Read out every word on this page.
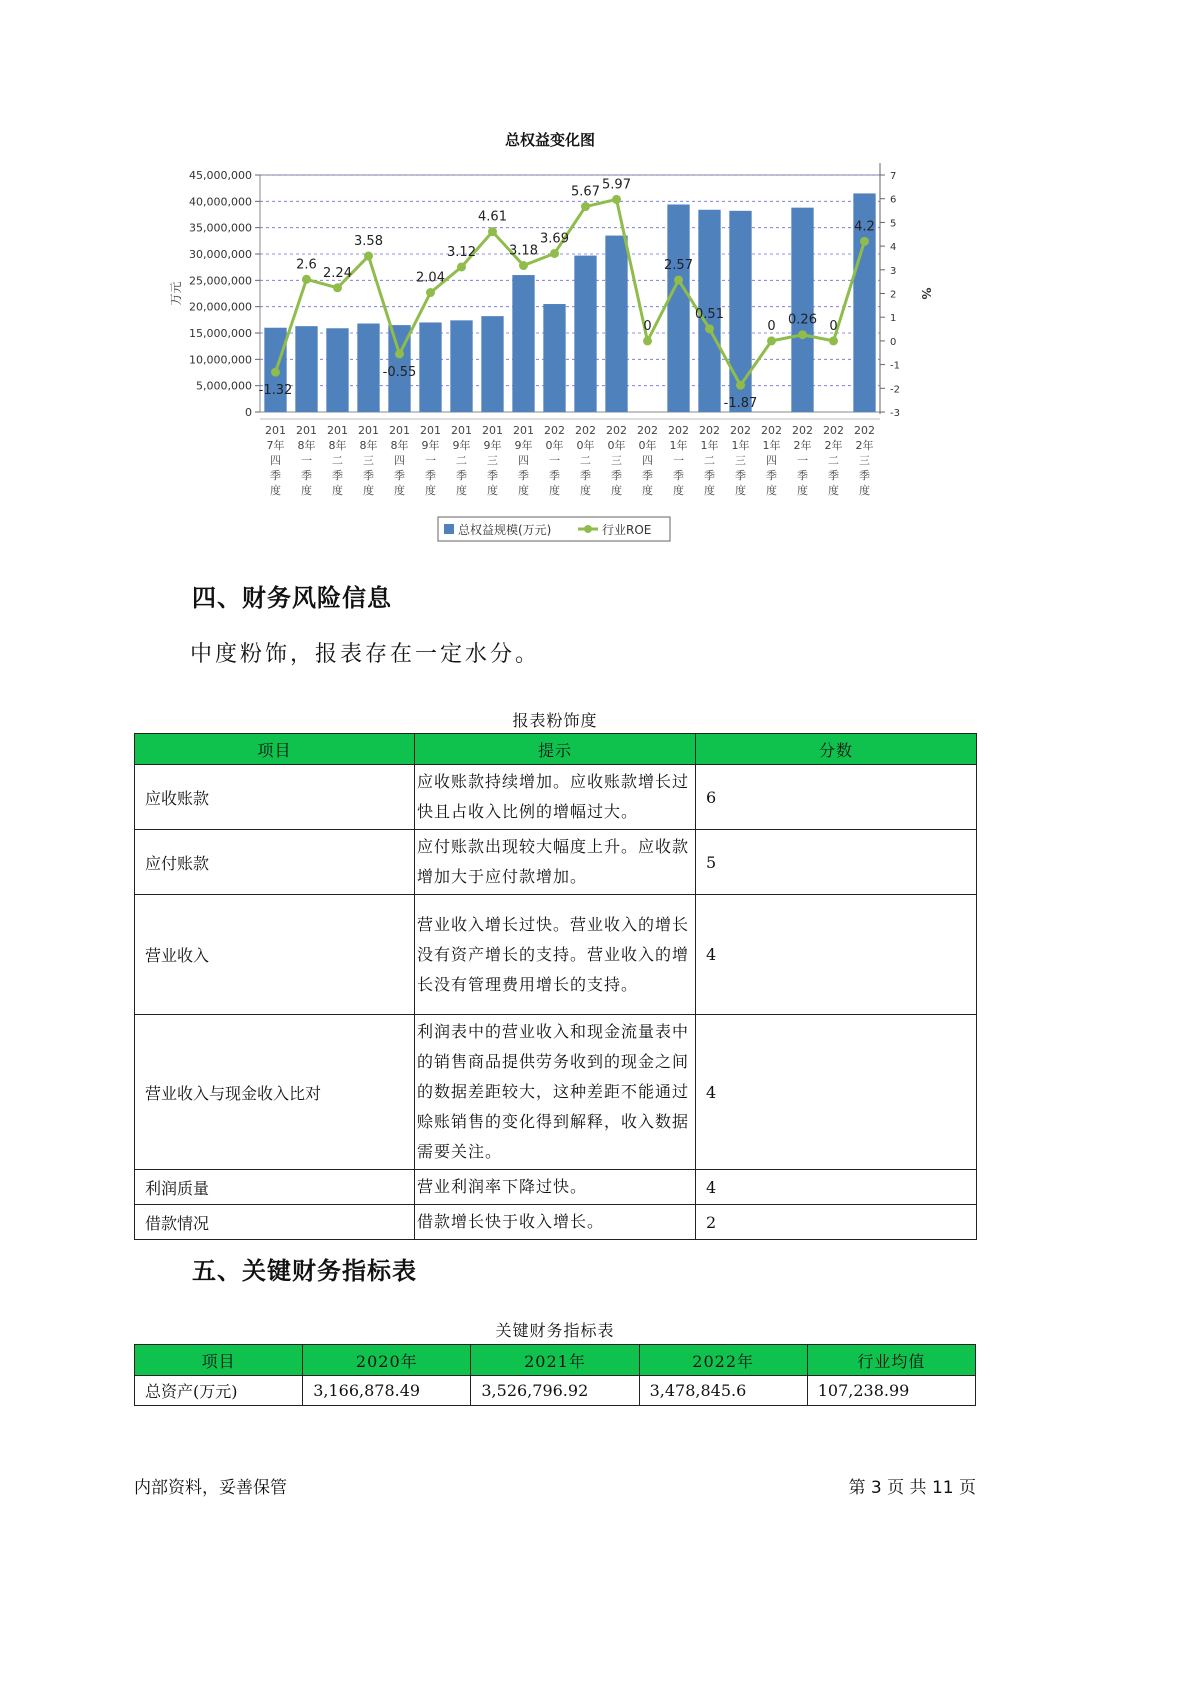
总权益变化图
0
5,000,000
10,000,000
15,000,000
20,000,000
25,000,000
30,000,000
35,000,000
40,000,000
45,000,000
-3
-2
-1
0
1
2
3
4
5
6
7
万元	%
201 7年四季度
201 8年一季度
201 8年二季度
201 8年三季度
201 8年四季度
201 9年一季度
201 9年二季度
201 9年三季度
201 9年四季度
202 0年一季度
202 0年二季度
202 0年三季度
202 0年四季度
202 1年一季度
202 1年二季度
202 1年三季度
202 1年四季度
202 2年一季度
202 2年二季度
202 2年三季度
-1.32
2.6
2.24
3.58
-0.55
2.04
3.12
4.61
3.18
3.69
5.67 5.97
0
2.57
0.51
-1.87
0 0.26 0
4.2
总权益规模(万元)	行业ROE
四、财务风险信息
中度粉饰，报表存在一定水分。
报表粉饰度
项目	提示	分数
应收账款	应收账款持续增加。应收账款增长过快且占收入比例的增幅过大。	6
应付账款	应付账款出现较大幅度上升。应收款增加大于应付款增加。	5
营业收入	营业收入增长过快。营业收入的增长没有资产增长的支持。营业收入的增长没有管理费用增长的支持。	4
营业收入与现金收入比对	利润表中的营业收入和现金流量表中的销售商品提供劳务收到的现金之间的数据差距较大，这种差距不能通过赊账销售的变化得到解释，收入数据需要关注。	4
利润质量	营业利润率下降过快。	4
借款情况	借款增长快于收入增长。	2
五、关键财务指标表
关键财务指标表
项目	2020年	2021年	2022年	行业均值
总资产(万元)	3,166,878.49	3,526,796.92	3,478,845.6	107,238.99
内部资料，妥善保管	第 3 页 共 11 页
